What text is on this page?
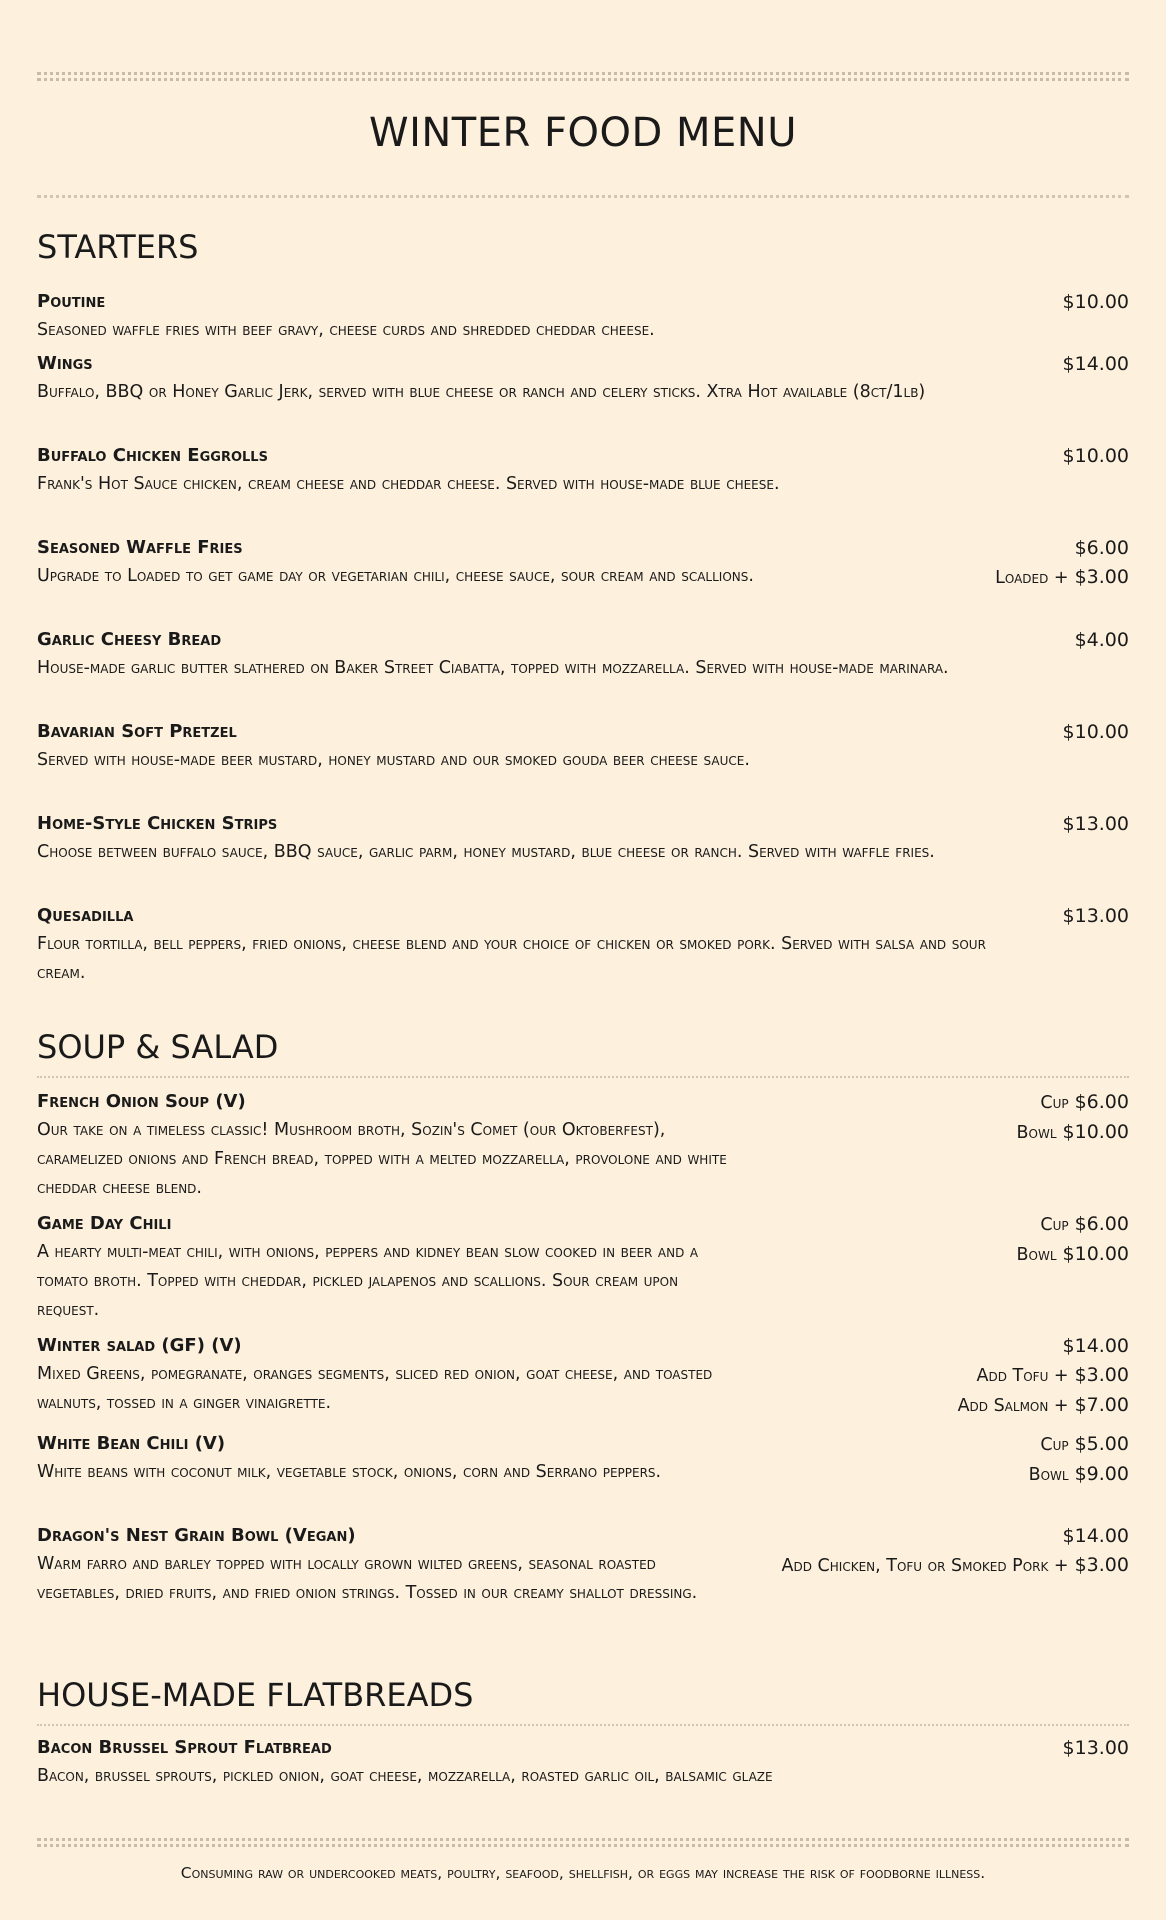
WINTER FOOD MENU
STARTERS
Poutine
Seasoned waffle fries with beef gravy, cheese curds and shredded cheddar cheese.
$10.00
Wings
Buffalo, BBQ or Honey Garlic Jerk, served with blue cheese or ranch and celery sticks. Xtra Hot available (8ct/1lb)
$14.00
Buffalo Chicken Eggrolls
Frank's Hot Sauce chicken, cream cheese and cheddar cheese. Served with house-made blue cheese.
$10.00
Seasoned Waffle Fries
Upgrade to Loaded to get game day or vegetarian chili, cheese sauce, sour cream and scallions.
$6.00
Loaded + $3.00
Garlic Cheesy Bread
House-made garlic butter slathered on Baker Street Ciabatta, topped with mozzarella. Served with house-made marinara.
$4.00
Bavarian Soft Pretzel
Served with house-made beer mustard, honey mustard and our smoked gouda beer cheese sauce.
$10.00
Home-Style Chicken Strips
Choose between buffalo sauce, BBQ sauce, garlic parm, honey mustard, blue cheese or ranch. Served with waffle fries.
$13.00
Quesadilla
Flour tortilla, bell peppers, fried onions, cheese blend and your choice of chicken or smoked pork. Served with salsa and sour cream.
$13.00
SOUP & SALAD
French Onion Soup (V)
Our take on a timeless classic! Mushroom broth, Sozin's Comet (our Oktoberfest), caramelized onions and French bread, topped with a melted mozzarella, provolone and white cheddar cheese blend.
Cup $6.00
Bowl $10.00
Game Day Chili
A hearty multi-meat chili, with onions, peppers and kidney bean slow cooked in beer and a tomato broth. Topped with cheddar, pickled jalapenos and scallions. Sour cream upon request.
Cup $6.00
Bowl $10.00
Winter salad (GF) (V)
Mixed Greens, pomegranate, oranges segments, sliced red onion, goat cheese, and toasted walnuts, tossed in a ginger vinaigrette.
$14.00
Add Tofu + $3.00
Add Salmon + $7.00
White Bean Chili (V)
White beans with coconut milk, vegetable stock, onions, corn and Serrano peppers.
Cup $5.00
Bowl $9.00
Dragon's Nest Grain Bowl (Vegan)
Warm farro and barley topped with locally grown wilted greens, seasonal roasted vegetables, dried fruits, and fried onion strings. Tossed in our creamy shallot dressing.
$14.00
Add Chicken, Tofu or Smoked Pork + $3.00
HOUSE-MADE FLATBREADS
Bacon Brussel Sprout Flatbread
Bacon, brussel sprouts, pickled onion, goat cheese, mozzarella, roasted garlic oil, balsamic glaze
$13.00
Consuming raw or undercooked meats, poultry, seafood, shellfish, or eggs may increase the risk of foodborne illness.
